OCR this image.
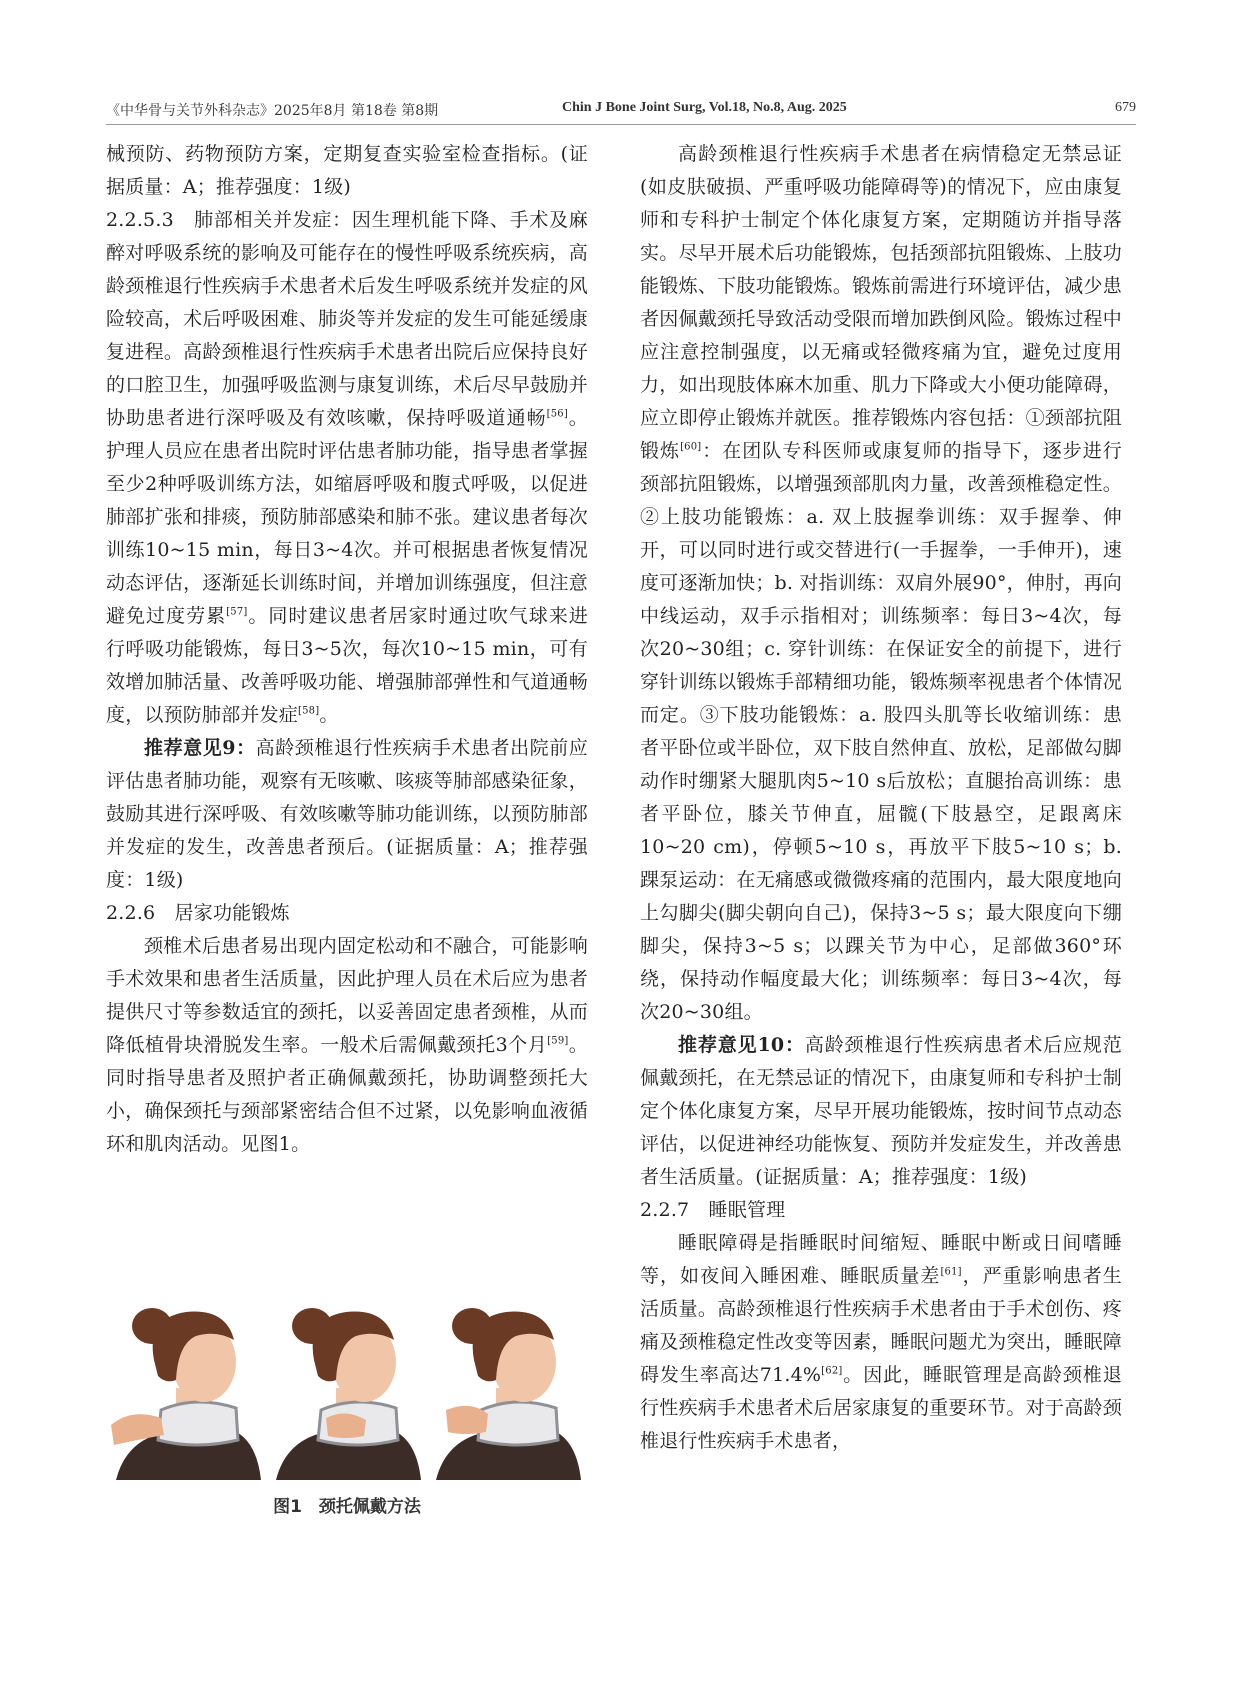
《中华骨与关节外科杂志》2025年8月 第18卷 第8期	Chin J Bone Joint Surg, Vol.18, No.8, Aug. 2025	679

械预防、药物预防方案，定期复查实验室检查指标。(证据质量：A；推荐强度：1级)

2.2.5.3　肺部相关并发症：因生理机能下降、手术及麻醉对呼吸系统的影响及可能存在的慢性呼吸系统疾病，高龄颈椎退行性疾病手术患者术后发生呼吸系统并发症的风险较高，术后呼吸困难、肺炎等并发症的发生可能延缓康复进程。高龄颈椎退行性疾病手术患者出院后应保持良好的口腔卫生，加强呼吸监测与康复训练，术后尽早鼓励并协助患者进行深呼吸及有效咳嗽，保持呼吸道通畅[56]。护理人员应在患者出院时评估患者肺功能，指导患者掌握至少2种呼吸训练方法，如缩唇呼吸和腹式呼吸，以促进肺部扩张和排痰，预防肺部感染和肺不张。建议患者每次训练10~15 min，每日3~4次。并可根据患者恢复情况动态评估，逐渐延长训练时间，并增加训练强度，但注意避免过度劳累[57]。同时建议患者居家时通过吹气球来进行呼吸功能锻炼，每日3~5次，每次10~15 min，可有效增加肺活量、改善呼吸功能、增强肺部弹性和气道通畅度，以预防肺部并发症[58]。

推荐意见9：高龄颈椎退行性疾病手术患者出院前应评估患者肺功能，观察有无咳嗽、咳痰等肺部感染征象，鼓励其进行深呼吸、有效咳嗽等肺功能训练，以预防肺部并发症的发生，改善患者预后。(证据质量：A；推荐强度：1级)

2.2.6　居家功能锻炼

颈椎术后患者易出现内固定松动和不融合，可能影响手术效果和患者生活质量，因此护理人员在术后应为患者提供尺寸等参数适宜的颈托，以妥善固定患者颈椎，从而降低植骨块滑脱发生率。一般术后需佩戴颈托3个月[59]。同时指导患者及照护者正确佩戴颈托，协助调整颈托大小，确保颈托与颈部紧密结合但不过紧，以免影响血液循环和肌肉活动。见图1。

图1　颈托佩戴方法

高龄颈椎退行性疾病手术患者在病情稳定无禁忌证(如皮肤破损、严重呼吸功能障碍等)的情况下，应由康复师和专科护士制定个体化康复方案，定期随访并指导落实。尽早开展术后功能锻炼，包括颈部抗阻锻炼、上肢功能锻炼、下肢功能锻炼。锻炼前需进行环境评估，减少患者因佩戴颈托导致活动受限而增加跌倒风险。锻炼过程中应注意控制强度，以无痛或轻微疼痛为宜，避免过度用力，如出现肢体麻木加重、肌力下降或大小便功能障碍，应立即停止锻炼并就医。推荐锻炼内容包括：①颈部抗阻锻炼[60]：在团队专科医师或康复师的指导下，逐步进行颈部抗阻锻炼，以增强颈部肌肉力量，改善颈椎稳定性。②上肢功能锻炼：a. 双上肢握拳训练：双手握拳、伸开，可以同时进行或交替进行(一手握拳，一手伸开)，速度可逐渐加快；b. 对指训练：双肩外展90°，伸肘，再向中线运动，双手示指相对；训练频率：每日3~4次，每次20~30组；c. 穿针训练：在保证安全的前提下，进行穿针训练以锻炼手部精细功能，锻炼频率视患者个体情况而定。③下肢功能锻炼：a. 股四头肌等长收缩训练：患者平卧位或半卧位，双下肢自然伸直、放松，足部做勾脚动作时绷紧大腿肌肉5~10 s后放松；直腿抬高训练：患者平卧位，膝关节伸直，屈髋(下肢悬空，足跟离床10~20 cm)，停顿5~10 s，再放平下肢5~10 s；b. 踝泵运动：在无痛感或微微疼痛的范围内，最大限度地向上勾脚尖(脚尖朝向自己)，保持3~5 s；最大限度向下绷脚尖，保持3~5 s；以踝关节为中心，足部做360°环绕，保持动作幅度最大化；训练频率：每日3~4次，每次20~30组。

推荐意见10：高龄颈椎退行性疾病患者术后应规范佩戴颈托，在无禁忌证的情况下，由康复师和专科护士制定个体化康复方案，尽早开展功能锻炼，按时间节点动态评估，以促进神经功能恢复、预防并发症发生，并改善患者生活质量。(证据质量：A；推荐强度：1级)

2.2.7　睡眠管理

睡眠障碍是指睡眠时间缩短、睡眠中断或日间嗜睡等，如夜间入睡困难、睡眠质量差[61]，严重影响患者生活质量。高龄颈椎退行性疾病手术患者由于手术创伤、疼痛及颈椎稳定性改变等因素，睡眠问题尤为突出，睡眠障碍发生率高达71.4%[62]。因此，睡眠管理是高龄颈椎退行性疾病手术患者术后居家康复的重要环节。对于高龄颈椎退行性疾病手术患者，
